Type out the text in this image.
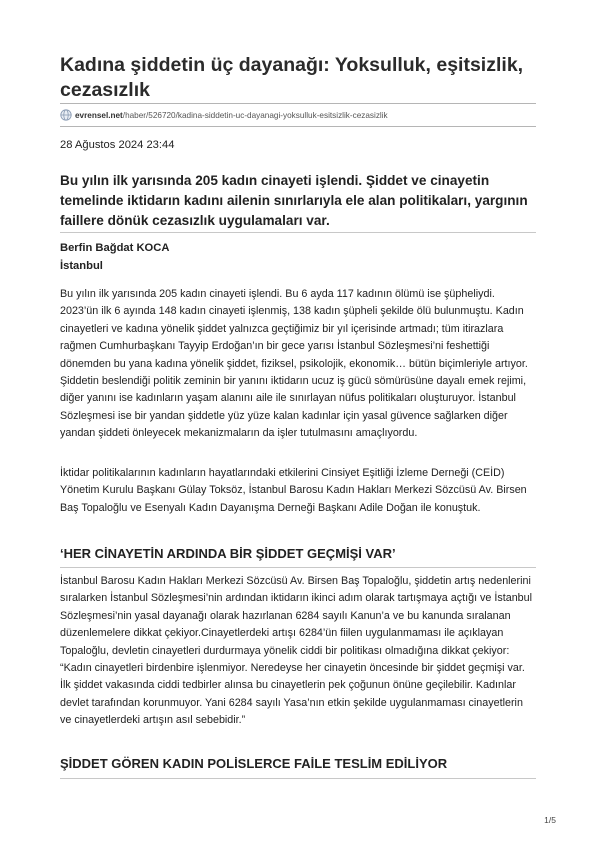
Kadına şiddetin üç dayanağı: Yoksulluk, eşitsizlik, cezasızlık
evrensel.net /haber/526720/kadina-siddetin-uc-dayanagi-yoksulluk-esitsizlik-cezasizlik
28 Ağustos 2024 23:44

Bu yılın ilk yarısında 205 kadın cinayeti işlendi. Şiddet ve cinayetin temelinde iktidarın kadını ailenin sınırlarıyla ele alan politikaları, yargının faillere dönük cezasızlık uygulamaları var.

Berfin Bağdat KOCA
İstanbul

Bu yılın ilk yarısında 205 kadın cinayeti işlendi. Bu 6 ayda 117 kadının ölümü ise şüpheliydi. 2023’ün ilk 6 ayında 148 kadın cinayeti işlenmiş, 138 kadın şüpheli şekilde ölü bulunmuştu. Kadın cinayetleri ve kadına yönelik şiddet yalnızca geçtiğimiz bir yıl içerisinde artmadı; tüm itirazlara rağmen Cumhurbaşkanı Tayyip Erdoğan’ın bir gece yarısı İstanbul Sözleşmesi’ni feshettiği dönemden bu yana kadına yönelik şiddet, fiziksel, psikolojik, ekonomik… bütün biçimleriyle artıyor. Şiddetin beslendiği politik zeminin bir yanını iktidarın ucuz iş gücü sömürüsüne dayalı emek rejimi, diğer yanını ise kadınların yaşam alanını aile ile sınırlayan nüfus politikaları oluşturuyor. İstanbul Sözleşmesi ise bir yandan şiddetle yüz yüze kalan kadınlar için yasal güvence sağlarken diğer yandan şiddeti önleyecek mekanizmaların da işler tutulmasını amaçlıyordu.

İktidar politikalarının kadınların hayatlarındaki etkilerini Cinsiyet Eşitliği İzleme Derneği (CEİD) Yönetim Kurulu Başkanı Gülay Toksöz, İstanbul Barosu Kadın Hakları Merkezi Sözcüsü Av. Birsen Baş Topaloğlu ve Esenyalı Kadın Dayanışma Derneği Başkanı Adile Doğan ile konuştuk.

‘HER CİNAYETİN ARDINDA BİR ŞİDDET GEÇMİŞİ VAR’

İstanbul Barosu Kadın Hakları Merkezi Sözcüsü Av. Birsen Baş Topaloğlu, şiddetin artış nedenlerini sıralarken İstanbul Sözleşmesi’nin ardından iktidarın ikinci adım olarak tartışmaya açtığı ve İstanbul Sözleşmesi’nin yasal dayanağı olarak hazırlanan 6284 sayılı Kanun’a ve bu kanunda sıralanan düzenlemelere dikkat çekiyor.Cinayetlerdeki artışı 6284’ün fiilen uygulanmaması ile açıklayan Topaloğlu, devletin cinayetleri durdurmaya yönelik ciddi bir politikası olmadığına dikkat çekiyor: “Kadın cinayetleri birdenbire işlenmiyor. Neredeyse her cinayetin öncesinde bir şiddet geçmişi var. İlk şiddet vakasında ciddi tedbirler alınsa bu cinayetlerin pek çoğunun önüne geçilebilir. Kadınlar devlet tarafından korunmuyor. Yani 6284 sayılı Yasa’nın etkin şekilde uygulanmaması cinayetlerin ve cinayetlerdeki artışın asıl sebebidir.”

ŞİDDET GÖREN KADIN POLİSLERCE FAİLE TESLİM EDİLİYOR
1/5
